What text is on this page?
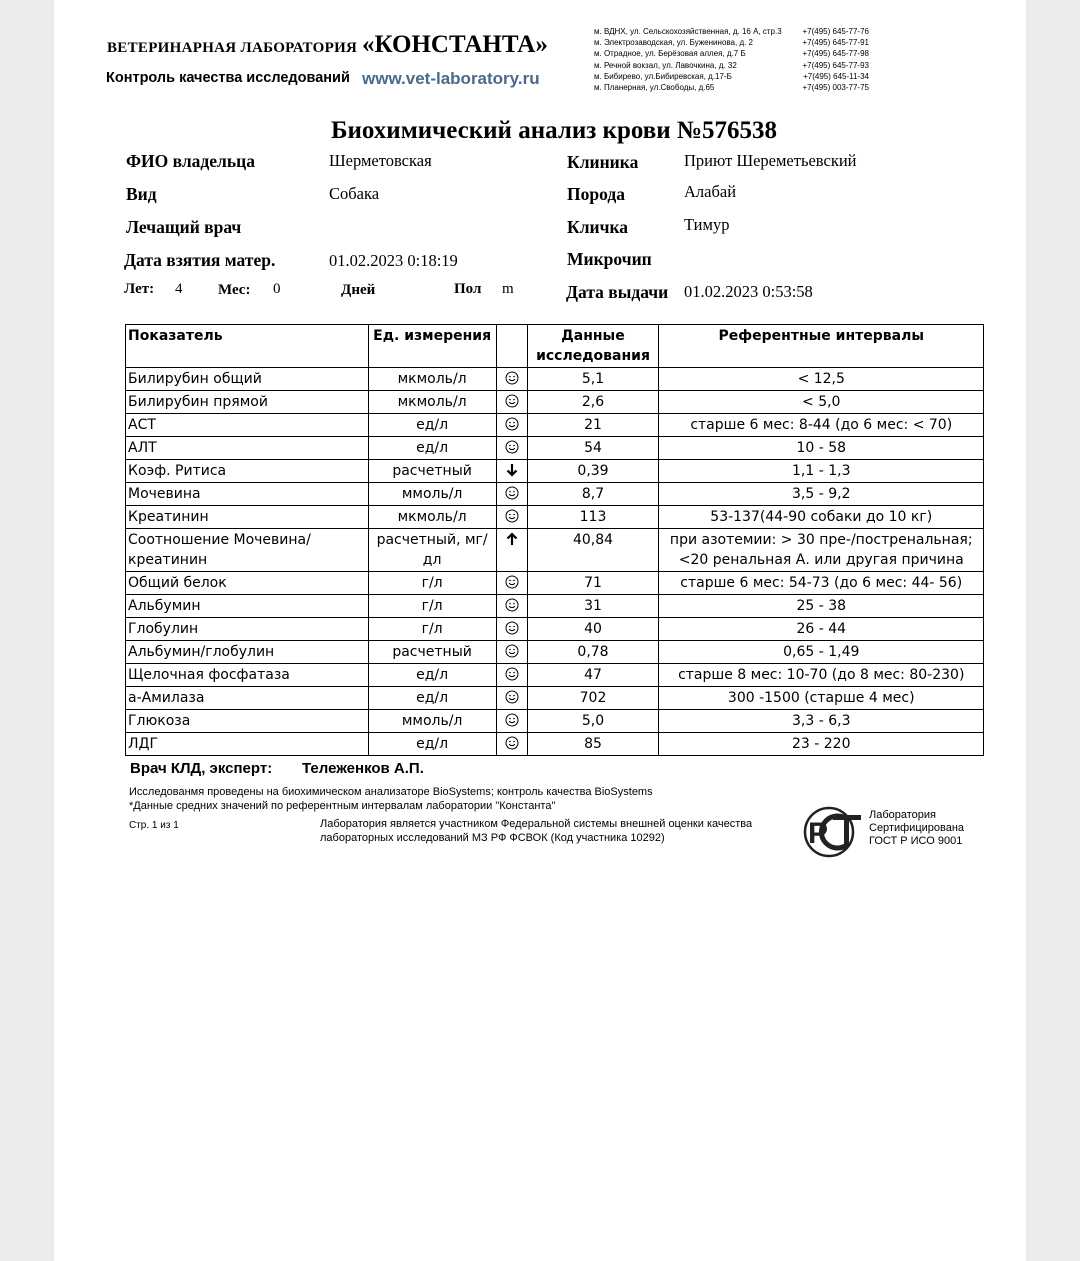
ВЕТЕРИНАРНАЯ ЛАБОРАТОРИЯ «КОНСТАНТА»
Контроль качества исследований www.vet-laboratory.ru
м. ВДНХ, ул. Сельскохозяйственная, д. 16 А, стр.3	+7(495) 645-77-76
м. Электрозаводская, ул. Буженинова, д. 2	+7(495) 645-77-91
м. Отрадное, ул. Берёзовая аллея, д.7 Б	+7(495) 645-77-98
м. Речной вокзал, ул. Лавочкина, д. 32	+7(495) 645-77-93
м. Бибирево, ул.Бибиревская, д.17-Б	+7(495) 645-11-34
м. Планерная, ул.Свободы, д.65	+7(495) 003-77-75
Биохимический анализ крови №576538
ФИО владельца	Шерметовская
Вид	Собака
Лечащий врач
Дата взятия матер.	01.02.2023 0:18:19
Лет: 4 Мес: 0	Дней	Пол m
Клиника	Приют Шереметьевский
Порода	Алабай
Кличка	Тимур
Микрочип
Дата выдачи 01.02.2023 0:53:58
Показатель	Ед. измерения		Данные исследования	Референтные интервалы
Билирубин общий	мкмоль/л		5,1	< 12,5
Билирубин прямой	мкмоль/л		2,6	< 5,0
АСТ	ед/л		21	старше 6 мес: 8-44 (до 6 мес: < 70)
АЛТ	ед/л		54	10 - 58
Коэф. Ритиса	расчетный		0,39	1,1 - 1,3
Мочевина	ммоль/л		8,7	3,5 - 9,2
Креатинин	мкмоль/л		113	53-137(44-90 собаки до 10 кг)
Соотношение Мочевина/креатинин	расчетный, мг/дл		40,84	при азотемии: > 30 пре-/постренальная; <20 ренальная А. или другая причина
Общий белок	г/л		71	старше 6 мес: 54-73 (до 6 мес: 44- 56)
Альбумин	г/л		31	25 - 38
Глобулин	г/л		40	26 - 44
Альбумин/глобулин	расчетный		0,78	0,65 - 1,49
Щелочная фосфатаза	ед/л		47	старше 8 мес: 10-70 (до 8 мес: 80-230)
а-Амилаза	ед/л		702	300 -1500 (старше 4 мес)
Глюкоза	ммоль/л		5,0	3,3 - 6,3
ЛДГ	ед/л		85	23 - 220
Врач КЛД, эксперт: Тележенков А.П.
Исследованмя проведены на биохимическом анализаторе BioSystems; контроль качества BioSystems
*Данные средних значений по референтным интервалам лаборатории "Константа"
Стр. 1 из 1	Лаборатория является участником Федеральной системы внешней оценки качества
лабораторных исследований МЗ РФ ФСВОК (Код участника 10292)	P
Лаборатория
Сертифицирована
ГОСТ Р ИСО 9001
